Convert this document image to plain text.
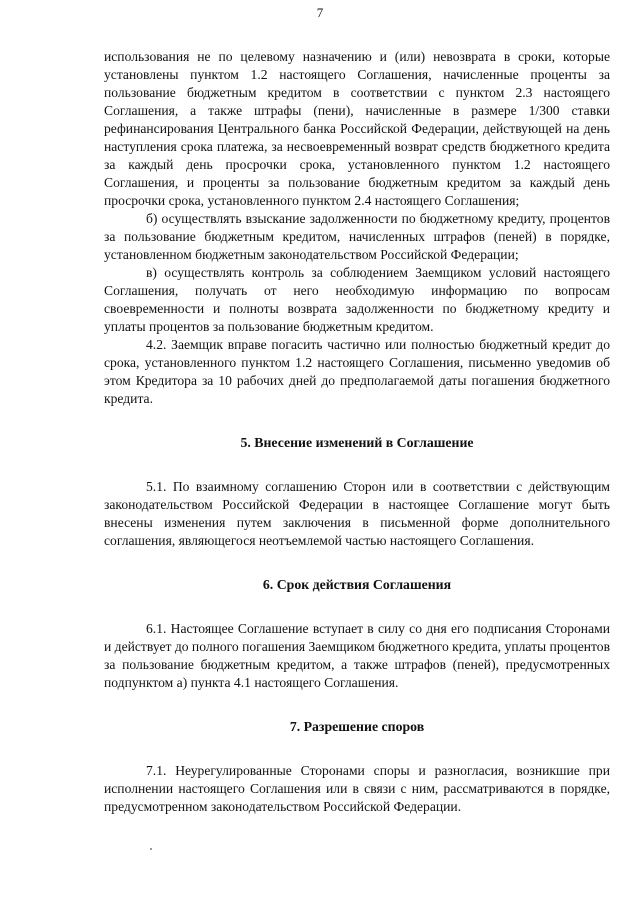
7

использования не по целевому назначению и (или) невозврата в сроки, которые установлены пунктом 1.2 настоящего Соглашения, начисленные проценты за пользование бюджетным кредитом в соответствии с пунктом 2.3 настоящего Соглашения, а также штрафы (пени), начисленные в размере 1/300 ставки рефинансирования Центрального банка Российской Федерации, действующей на день наступления срока платежа, за несвоевременный возврат средств бюджетного кредита за каждый день просрочки срока, установленного пунктом 1.2 настоящего Соглашения, и проценты за пользование бюджетным кредитом за каждый день просрочки срока, установленного пунктом 2.4 настоящего Соглашения;

б) осуществлять взыскание задолженности по бюджетному кредиту, процентов за пользование бюджетным кредитом, начисленных штрафов (пеней) в порядке, установленном бюджетным законодательством Российской Федерации;

в) осуществлять контроль за соблюдением Заемщиком условий настоящего Соглашения, получать от него необходимую информацию по вопросам своевременности и полноты возврата задолженности по бюджетному кредиту и уплаты процентов за пользование бюджетным кредитом.

4.2. Заемщик вправе погасить частично или полностью бюджетный кредит до срока, установленного пунктом 1.2 настоящего Соглашения, письменно уведомив об этом Кредитора за 10 рабочих дней до предполагаемой даты погашения бюджетного кредита.

5. Внесение изменений в Соглашение

5.1. По взаимному соглашению Сторон или в соответствии с действующим законодательством Российской Федерации в настоящее Соглашение могут быть внесены изменения путем заключения в письменной форме дополнительного соглашения, являющегося неотъемлемой частью настоящего Соглашения.

6. Срок действия Соглашения

6.1. Настоящее Соглашение вступает в силу со дня его подписания Сторонами и действует до полного погашения Заемщиком бюджетного кредита, уплаты процентов за пользование бюджетным кредитом, а также штрафов (пеней), предусмотренных подпунктом а) пункта 4.1 настоящего Соглашения.

7. Разрешение споров

7.1. Неурегулированные Сторонами споры и разногласия, возникшие при исполнении настоящего Соглашения или в связи с ним, рассматриваются в порядке, предусмотренном законодательством Российской Федерации.
